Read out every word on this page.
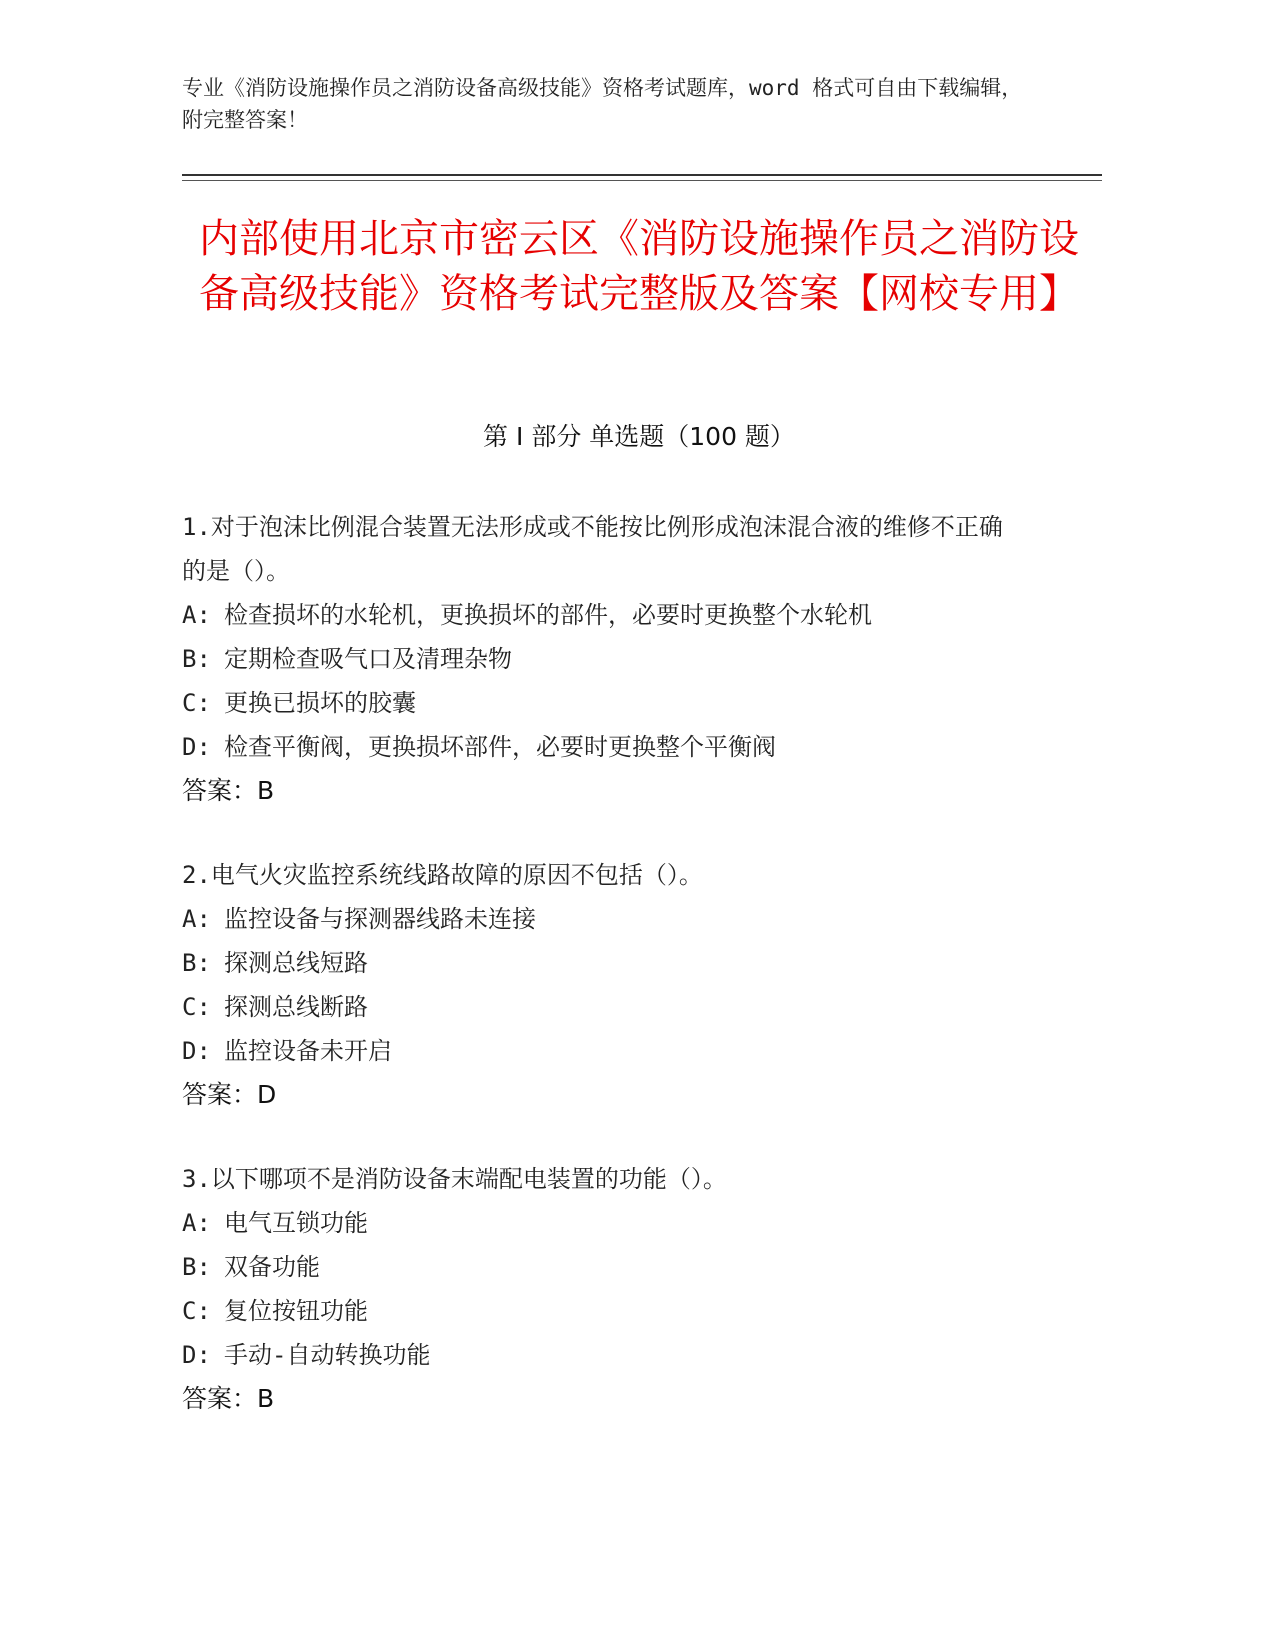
专业《消防设施操作员之消防设备高级技能》资格考试题库，word 格式可自由下载编辑，附完整答案！
内部使用北京市密云区《消防设施操作员之消防设备高级技能》资格考试完整版及答案【网校专用】
第 I 部分 单选题（100 题）
1.对于泡沫比例混合装置无法形成或不能按比例形成泡沫混合液的维修不正确的是（）。
A: 检查损坏的水轮机，更换损坏的部件，必要时更换整个水轮机
B: 定期检查吸气口及清理杂物
C: 更换已损坏的胶囊
D: 检查平衡阀，更换损坏部件，必要时更换整个平衡阀
答案：B
2.电气火灾监控系统线路故障的原因不包括（）。
A: 监控设备与探测器线路未连接
B: 探测总线短路
C: 探测总线断路
D: 监控设备未开启
答案：D
3.以下哪项不是消防设备末端配电装置的功能（）。
A: 电气互锁功能
B: 双备功能
C: 复位按钮功能
D: 手动-自动转换功能
答案：B
